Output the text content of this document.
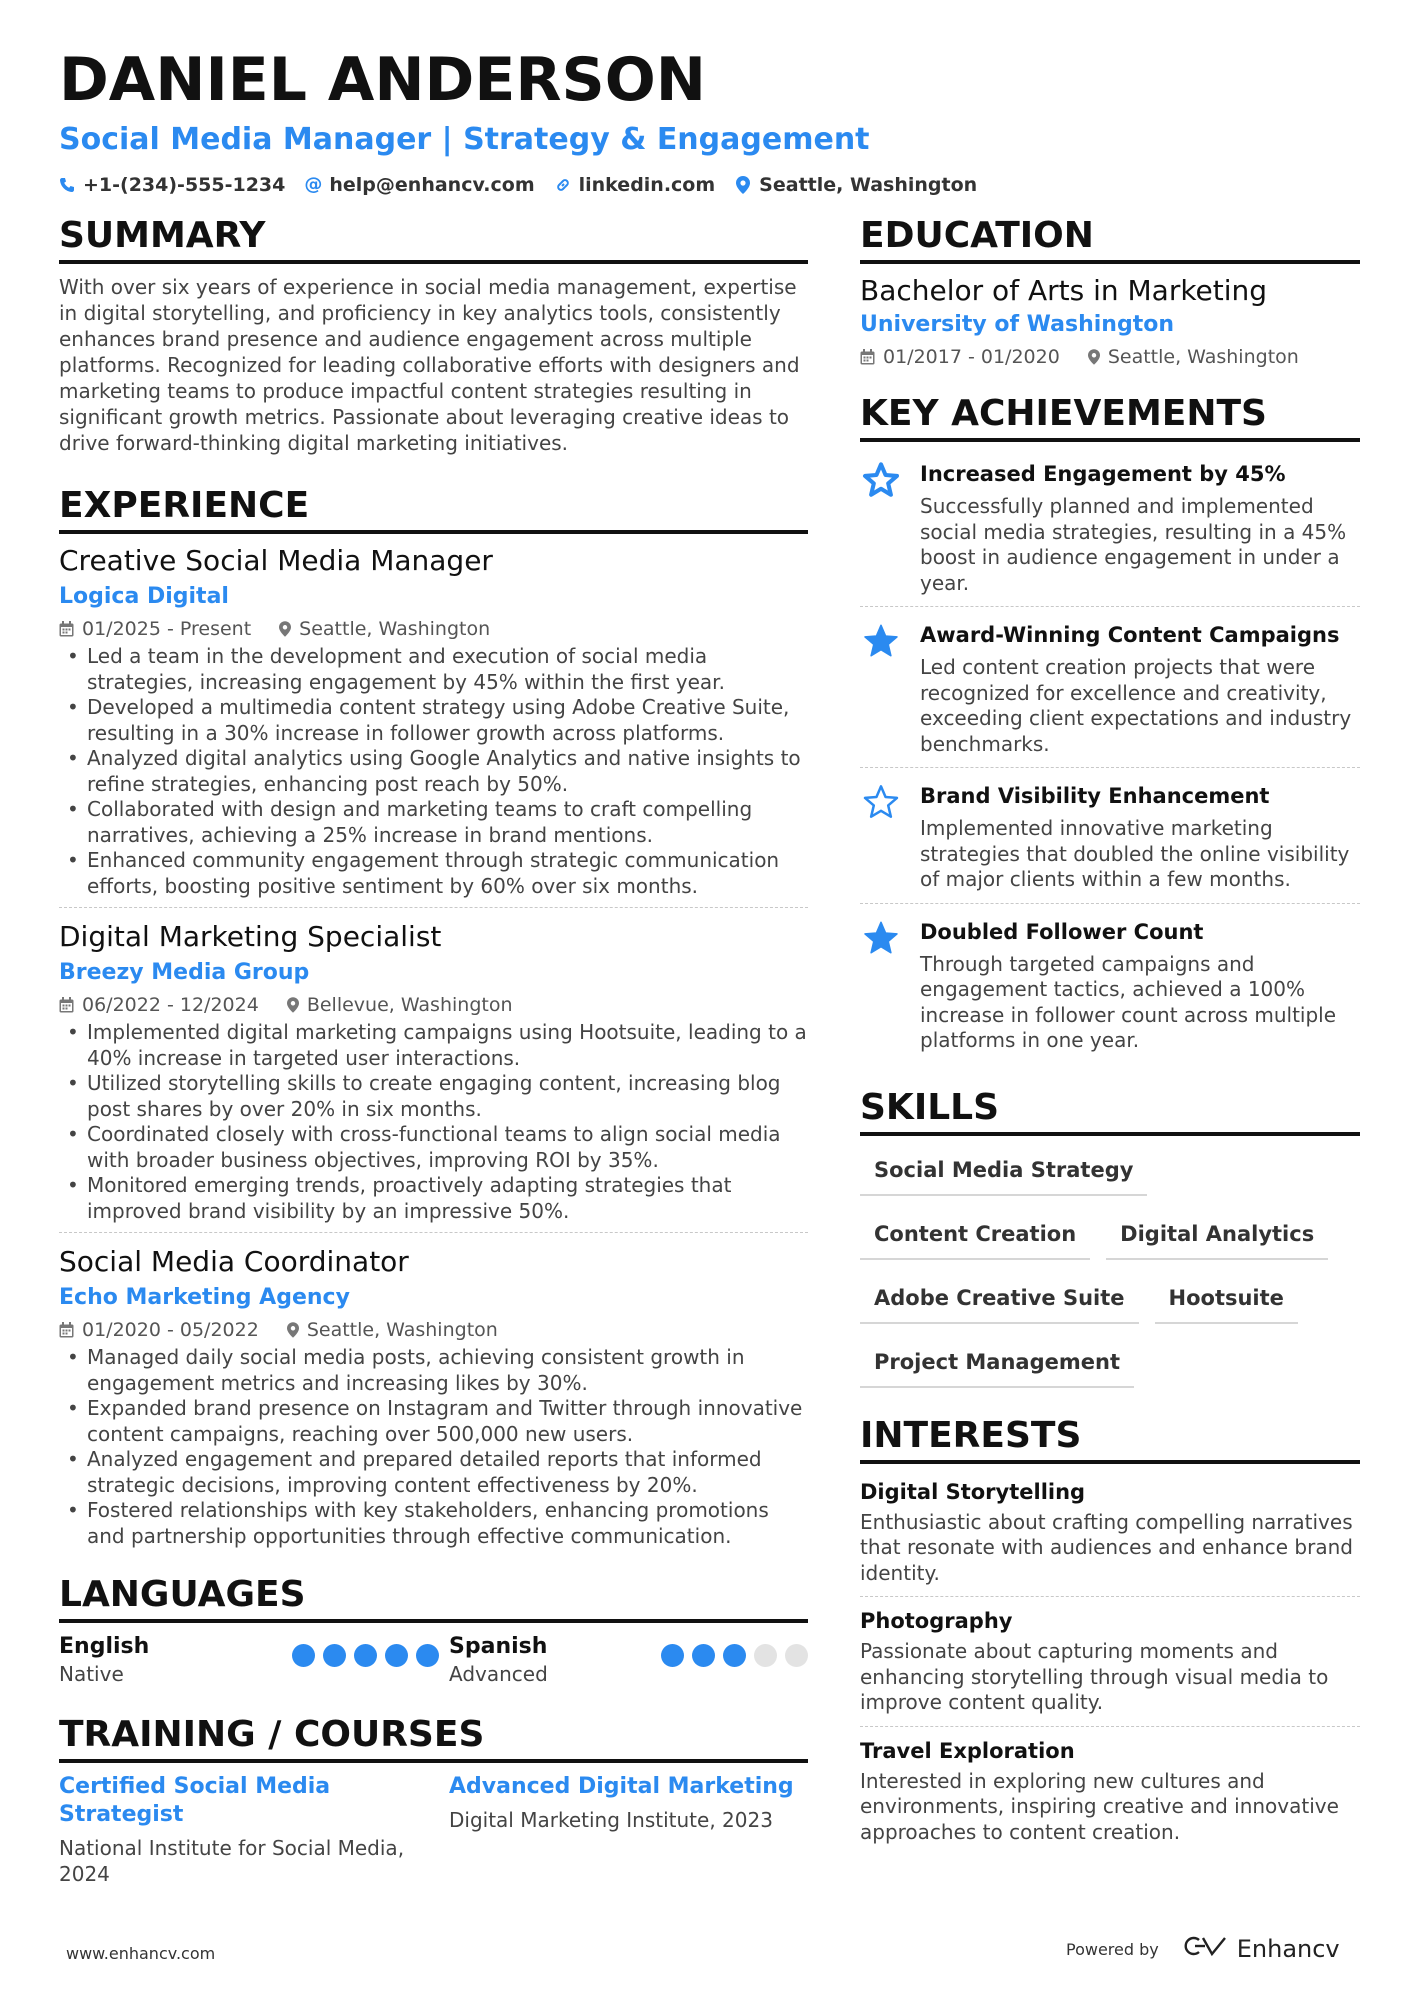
DANIEL ANDERSON
Social Media Manager | Strategy & Engagement
+1-(234)-555-1234 @ help@enhancv.com linkedin.com Seattle, Washington
SUMMARY
With over six years of experience in social media management, expertise in digital storytelling, and proficiency in key analytics tools, consistently enhances brand presence and audience engagement across multiple platforms. Recognized for leading collaborative efforts with designers and marketing teams to produce impactful content strategies resulting in significant growth metrics. Passionate about leveraging creative ideas to drive forward-thinking digital marketing initiatives.
EXPERIENCE
Creative Social Media Manager
Logica Digital
01/2025 - Present	Seattle, Washington
• Led a team in the development and execution of social media strategies, increasing engagement by 45% within the first year.
• Developed a multimedia content strategy using Adobe Creative Suite, resulting in a 30% increase in follower growth across platforms.
• Analyzed digital analytics using Google Analytics and native insights to refine strategies, enhancing post reach by 50%.
• Collaborated with design and marketing teams to craft compelling narratives, achieving a 25% increase in brand mentions.
• Enhanced community engagement through strategic communication efforts, boosting positive sentiment by 60% over six months.
Digital Marketing Specialist
Breezy Media Group
06/2022 - 12/2024	Bellevue, Washington
• Implemented digital marketing campaigns using Hootsuite, leading to a 40% increase in targeted user interactions.
• Utilized storytelling skills to create engaging content, increasing blog post shares by over 20% in six months.
• Coordinated closely with cross-functional teams to align social media with broader business objectives, improving ROI by 35%.
• Monitored emerging trends, proactively adapting strategies that improved brand visibility by an impressive 50%.
Social Media Coordinator
Echo Marketing Agency
01/2020 - 05/2022	Seattle, Washington
• Managed daily social media posts, achieving consistent growth in engagement metrics and increasing likes by 30%.
• Expanded brand presence on Instagram and Twitter through innovative content campaigns, reaching over 500,000 new users.
• Analyzed engagement and prepared detailed reports that informed strategic decisions, improving content effectiveness by 20%.
• Fostered relationships with key stakeholders, enhancing promotions and partnership opportunities through effective communication.
LANGUAGES
English
Native
Spanish
Advanced
TRAINING / COURSES
Certified Social Media Strategist
National Institute for Social Media, 2024
Advanced Digital Marketing
Digital Marketing Institute, 2023
EDUCATION
Bachelor of Arts in Marketing
University of Washington
01/2017 - 01/2020	Seattle, Washington
KEY ACHIEVEMENTS
Increased Engagement by 45%
Successfully planned and implemented social media strategies, resulting in a 45% boost in audience engagement in under a year.
Award-Winning Content Campaigns
Led content creation projects that were recognized for excellence and creativity, exceeding client expectations and industry benchmarks.
Brand Visibility Enhancement
Implemented innovative marketing strategies that doubled the online visibility of major clients within a few months.
Doubled Follower Count
Through targeted campaigns and engagement tactics, achieved a 100% increase in follower count across multiple platforms in one year.
SKILLS
Social Media Strategy
Content Creation	Digital Analytics
Adobe Creative Suite	Hootsuite
Project Management
INTERESTS
Digital Storytelling
Enthusiastic about crafting compelling narratives that resonate with audiences and enhance brand identity.
Photography
Passionate about capturing moments and enhancing storytelling through visual media to improve content quality.
Travel Exploration
Interested in exploring new cultures and environments, inspiring creative and innovative approaches to content creation.
www.enhancv.com	Powered by	Enhancv
